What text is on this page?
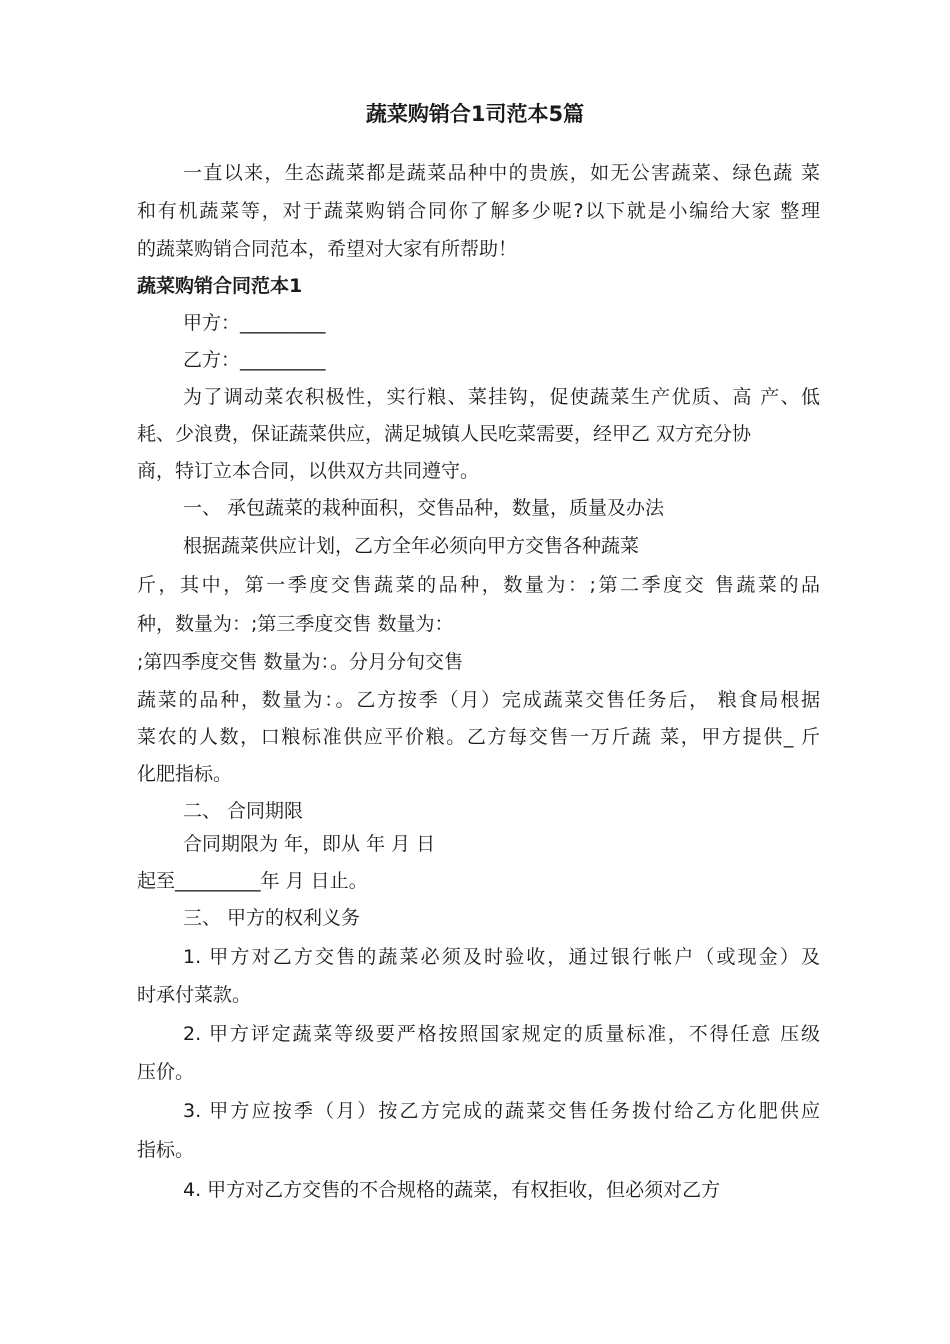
蔬菜购销合1司范本5篇
一直以来，生态蔬菜都是蔬菜品种中的贵族，如无公害蔬菜、绿色蔬 菜
和有机蔬菜等，对于蔬菜购销合同你了解多少呢?以下就是小编给大家 整理
的蔬菜购销合同范本，希望对大家有所帮助！
蔬菜购销合同范本1
甲方：_________
乙方：_________
为了调动菜农积极性，实行粮、菜挂钩，促使蔬菜生产优质、高 产、低
耗、少浪费，保证蔬菜供应，满足城镇人民吃菜需要，经甲乙 双方充分协
商，特订立本合同，以供双方共同遵守。
一、 承包蔬菜的栽种面积，交售品种，数量，质量及办法
根据蔬菜供应计划，乙方全年必须向甲方交售各种蔬菜
斤，其中，第一季度交售蔬菜的品种，数量为：;第二季度交 售蔬菜的品
种，数量为：;第三季度交售 数量为：
;第四季度交售 数量为：。分月分旬交售
蔬菜的品种，数量为：。乙方按季（月）完成蔬菜交售任务后， 粮食局根据
菜农的人数，口粮标准供应平价粮。乙方每交售一万斤蔬 菜，甲方提供_ 斤
化肥指标。
二、 合同期限
合同期限为 年，即从 年 月 日
起至_________年 月 日止。
三、 甲方的权利义务
1. 甲方对乙方交售的蔬菜必须及时验收，通过银行帐户（或现金）及
时承付菜款。
2. 甲方评定蔬菜等级要严格按照国家规定的质量标准，不得任意 压级
压价。
3. 甲方应按季（月）按乙方完成的蔬菜交售任务拨付给乙方化肥供应
指标。
4. 甲方对乙方交售的不合规格的蔬菜，有权拒收，但必须对乙方
